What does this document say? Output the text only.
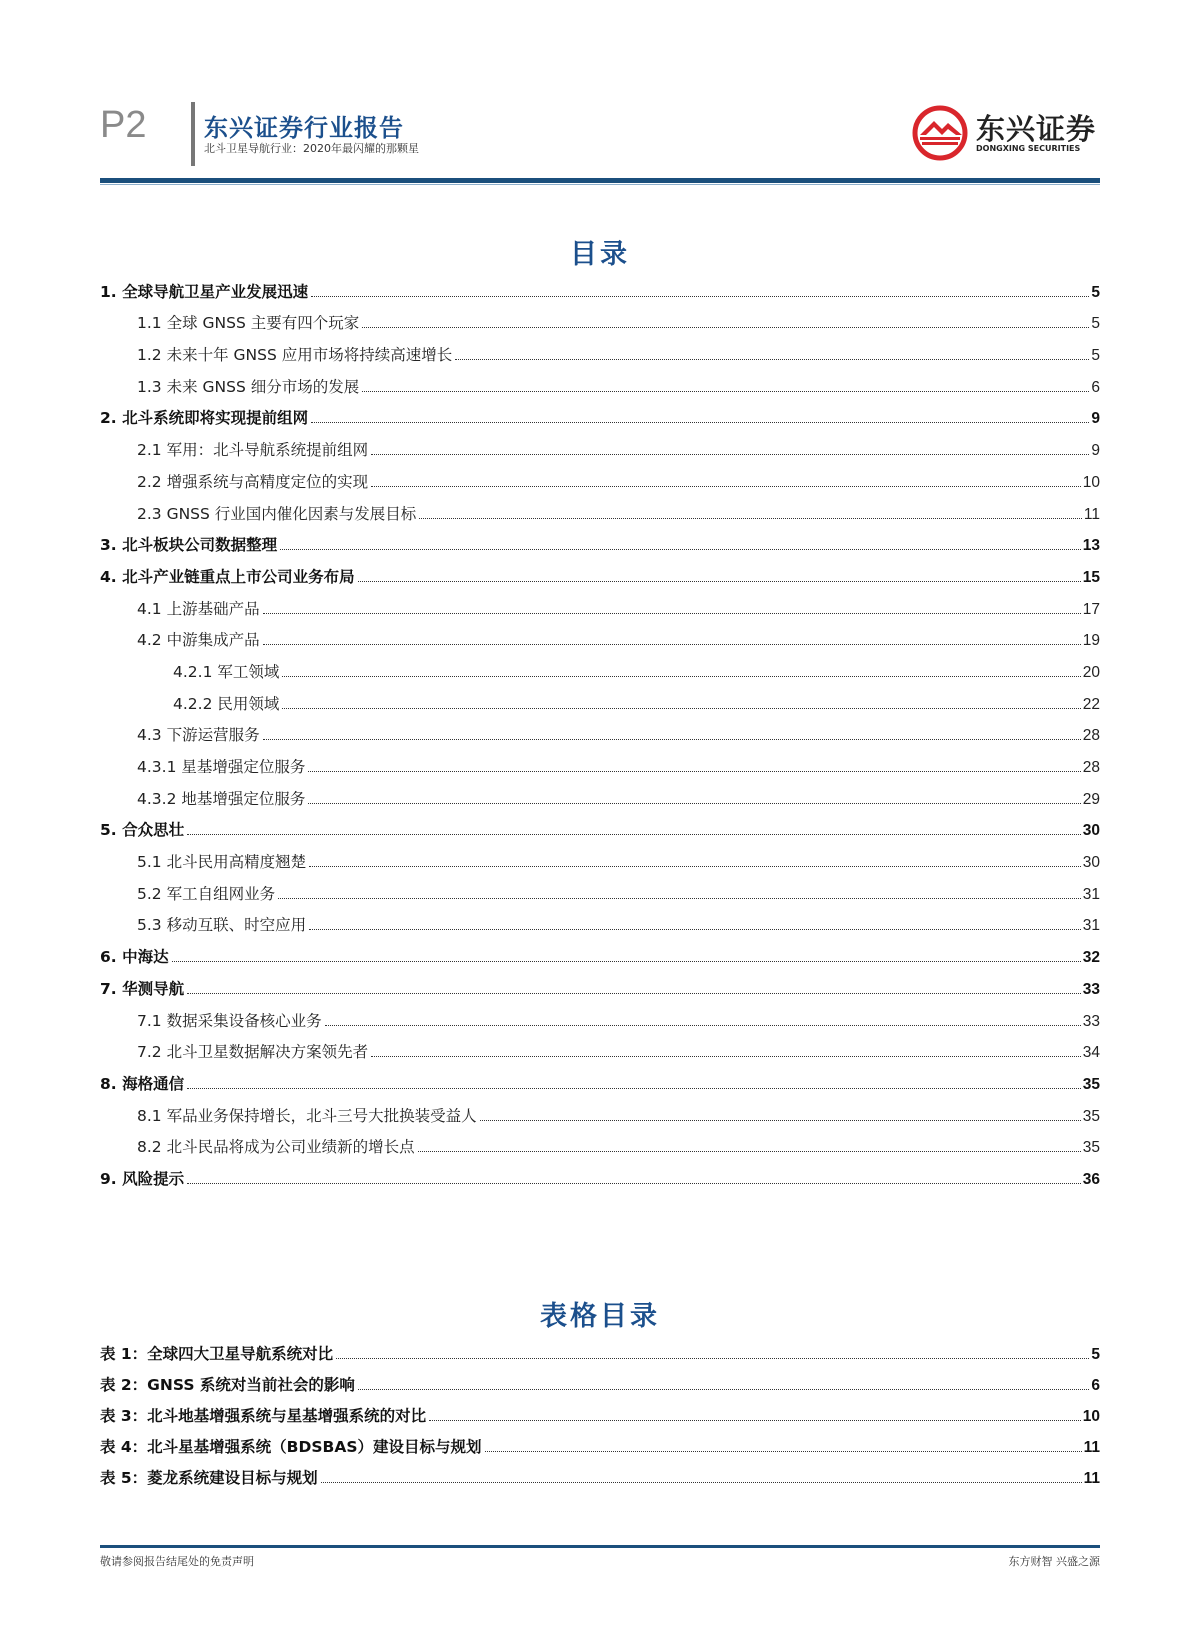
P2 东兴证券行业报告
北斗卫星导航行业：2020年最闪耀的那颗星
东兴证券
DONGXING SECURITIES
目录
1. 全球导航卫星产业发展迅速	5
1.1 全球 GNSS 主要有四个玩家	5
1.2 未来十年 GNSS 应用市场将持续高速增长	5
1.3 未来 GNSS 细分市场的发展	6
2. 北斗系统即将实现提前组网	9
2.1 军用：北斗导航系统提前组网	9
2.2 增强系统与高精度定位的实现	10
2.3 GNSS 行业国内催化因素与发展目标	11
3. 北斗板块公司数据整理	13
4. 北斗产业链重点上市公司业务布局	15
4.1 上游基础产品	17
4.2 中游集成产品	19
4.2.1 军工领域	20
4.2.2 民用领域	22
4.3 下游运营服务	28
4.3.1 星基增强定位服务	28
4.3.2 地基增强定位服务	29
5. 合众思壮	30
5.1 北斗民用高精度翘楚	30
5.2 军工自组网业务	31
5.3 移动互联、时空应用	31
6. 中海达	32
7. 华测导航	33
7.1 数据采集设备核心业务	33
7.2 北斗卫星数据解决方案领先者	34
8. 海格通信	35
8.1 军品业务保持增长，北斗三号大批换装受益人	35
8.2 北斗民品将成为公司业绩新的增长点	35
9. 风险提示	36
表格目录
表 1：全球四大卫星导航系统对比	5
表 2：GNSS 系统对当前社会的影响	6
表 3：北斗地基增强系统与星基增强系统的对比	10
表 4：北斗星基增强系统（BDSBAS）建设目标与规划	11
表 5：菱龙系统建设目标与规划	11
敬请参阅报告结尾处的免责声明	东方财智 兴盛之源
